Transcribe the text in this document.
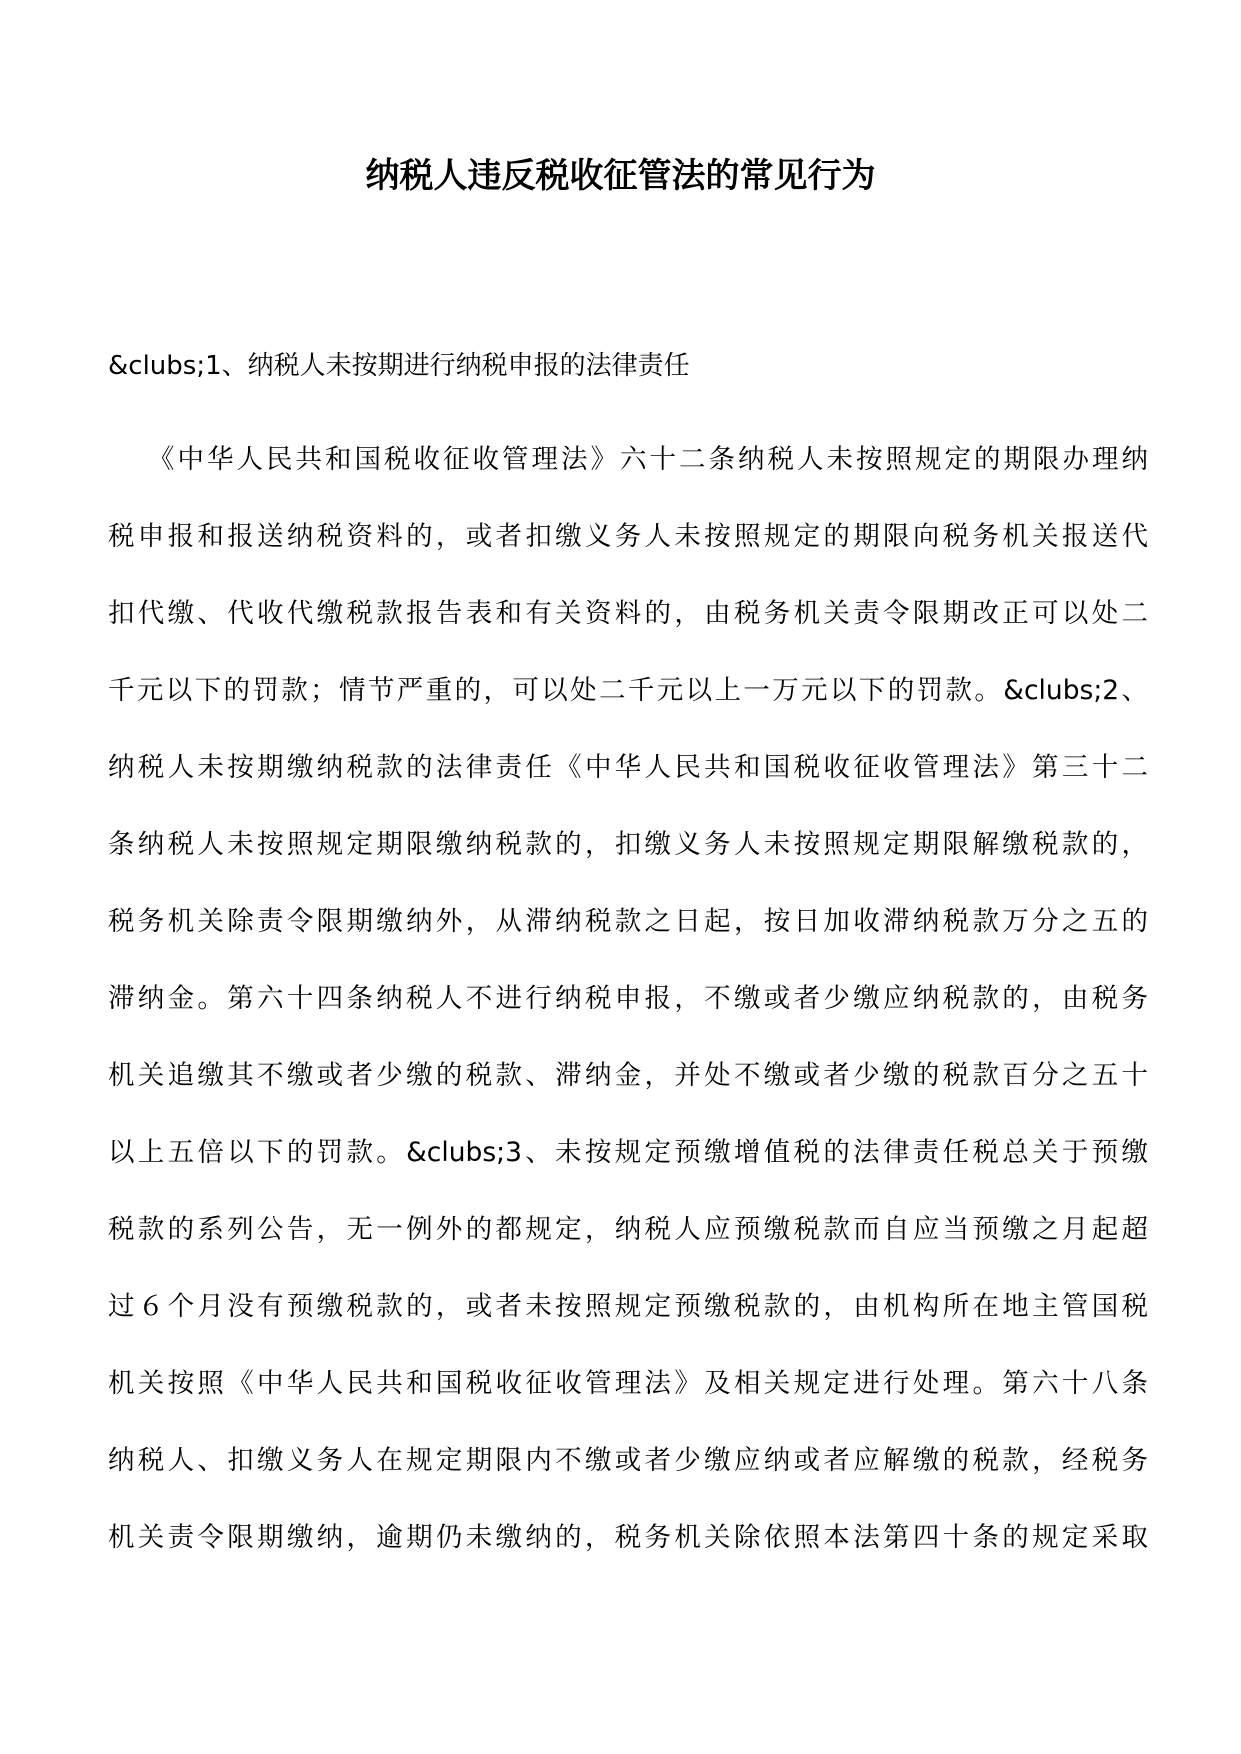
纳税人违反税收征管法的常见行为

&clubs;1、纳税人未按期进行纳税申报的法律责任

《中华人民共和国税收征收管理法》六十二条纳税人未按照规定的期限办理纳
税申报和报送纳税资料的，或者扣缴义务人未按照规定的期限向税务机关报送代
扣代缴、代收代缴税款报告表和有关资料的，由税务机关责令限期改正可以处二
千元以下的罚款；情节严重的，可以处二千元以上一万元以下的罚款。&clubs;2、
纳税人未按期缴纳税款的法律责任《中华人民共和国税收征收管理法》第三十二
条纳税人未按照规定期限缴纳税款的，扣缴义务人未按照规定期限解缴税款的，
税务机关除责令限期缴纳外，从滞纳税款之日起，按日加收滞纳税款万分之五的
滞纳金。第六十四条纳税人不进行纳税申报，不缴或者少缴应纳税款的，由税务
机关追缴其不缴或者少缴的税款、滞纳金，并处不缴或者少缴的税款百分之五十
以上五倍以下的罚款。&clubs;3、未按规定预缴增值税的法律责任税总关于预缴
税款的系列公告，无一例外的都规定，纳税人应预缴税款而自应当预缴之月起超
过６个月没有预缴税款的，或者未按照规定预缴税款的，由机构所在地主管国税
机关按照《中华人民共和国税收征收管理法》及相关规定进行处理。第六十八条
纳税人、扣缴义务人在规定期限内不缴或者少缴应纳或者应解缴的税款，经税务
机关责令限期缴纳，逾期仍未缴纳的，税务机关除依照本法第四十条的规定采取
